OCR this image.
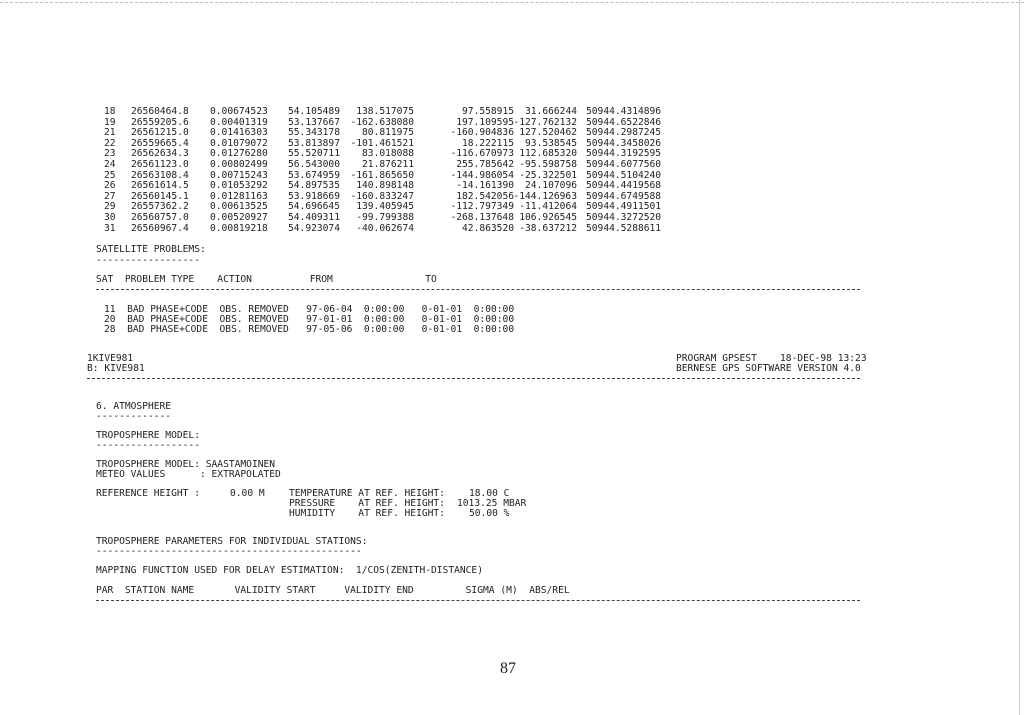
18 26560464.8 0.00674523 54.105489 138.517075	97.558915 31.666244 50944.4314896
19 26559205.6 0.00401319 53.137667 -162.638080	197.109595 -127.762132 50944.6522846
21 26561215.0 0.01416303 55.343178 80.811975	-160.904836 127.520462 50944.2987245
22 26559665.4 0.01079072 53.813897 -101.461521	18.222115 93.538545 50944.3458026
23 26562634.3 0.01276280 55.520711 83.018088	-116.670973 112.685320 50944.3192595
24 26561123.0 0.00802499 56.543000 21.876211	255.785642 -95.598758 50944.6077560
25 26563108.4 0.00715243 53.674959 -161.865650	-144.986054 -25.322501 50944.5104240
26 26561614.5 0.01053292 54.897535 140.898148	-14.161390 24.107096 50944.4419568
27 26560145.1 0.01281163 53.918669 -160.833247	182.542056 -144.126963 50944.6749588
29 26557362.2 0.00613525 54.696645 139.405945	-112.797349 -11.412064 50944.4911501
30 26560757.0 0.00520927 54.409311 -99.799388	-268.137648 106.926545 50944.3272520
31 26560967.4 0.00819218 54.923074 -40.062674	42.863520 -38.637212 50944.5288611
SATELLITE PROBLEMS:
------------------
SAT  PROBLEM TYPE    ACTION          FROM                TO
11  BAD PHASE+CODE  OBS. REMOVED   97-06-04  0:00:00   0-01-01  0:00:00
20  BAD PHASE+CODE  OBS. REMOVED   97-01-01  0:00:00   0-01-01  0:00:00
28  BAD PHASE+CODE  OBS. REMOVED   97-05-06  0:00:00   0-01-01  0:00:00
1KIVE981
B: KIVE981
PROGRAM GPSEST    18-DEC-98 13:23
BERNESE GPS SOFTWARE VERSION 4.0
6. ATMOSPHERE
-------------
TROPOSPHERE MODEL:
------------------
TROPOSPHERE MODEL: SAASTAMOINEN
METEO VALUES      : EXTRAPOLATED
REFERENCE HEIGHT :	0.00 M	TEMPERATURE AT REF. HEIGHT:	18.00 C
PRESSURE    AT REF. HEIGHT: 1013.25 MBAR
HUMIDITY    AT REF. HEIGHT:	50.00 %
TROPOSPHERE PARAMETERS FOR INDIVIDUAL STATIONS:
----------------------------------------------
MAPPING FUNCTION USED FOR DELAY ESTIMATION:  1/COS(ZENITH-DISTANCE)
PAR  STATION NAME       VALIDITY START     VALIDITY END         SIGMA (M)  ABS/REL
87
